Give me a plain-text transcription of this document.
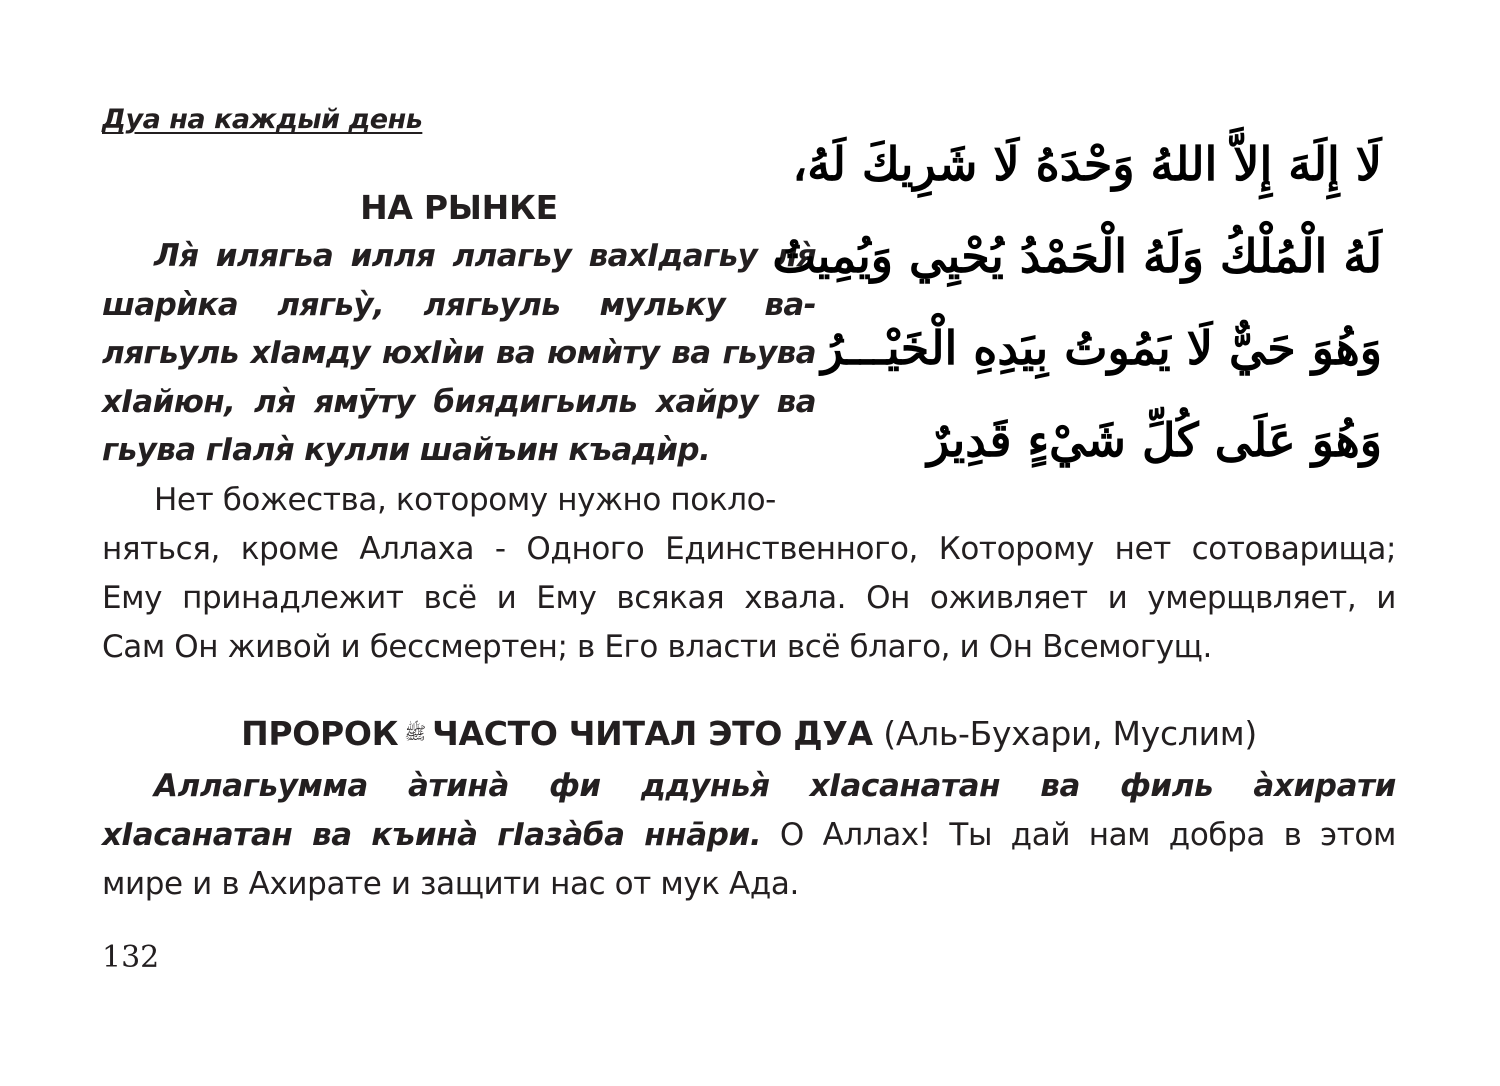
Дуа на каждый день
НА РЫНКЕ
Ля̀ илягьа илля ллагьу вахIдагьу ля̀ шарѝка лягьу̀, лягьуль мульку ва-лягьуль хIамду юхIѝи ва юмѝту ва гьува хIайюн, ля̀ ямӯту биядигьиль хайру ва гьува гIаля̀ кулли шайъин къадѝр.
لَا إِلَهَ إِلاَّ اللهُ وَحْدَهُ لَا شَرِيكَ لَهُ،
لَهُ الْمُلْكُ وَلَهُ الْحَمْدُ يُحْيِي وَيُمِيتُ
وَهُوَ حَيٌّ لَا يَمُوتُ بِيَدِهِ الْخَيْـــرُ
وَهُوَ عَلَى كُلِّ شَيْءٍ قَدِيرٌ
Нет божества, которому нужно покло-
няться, кроме Аллаха - Одного Единственного, Которому нет сотоварища;
Ему принадлежит всё и Ему всякая хвала. Он оживляет и умерщвляет, и
Сам Он живой и бессмертен; в Его власти всё благо, и Он Всемогущ.
ПРОРОК ﷺ ЧАСТО ЧИТАЛ ЭТО ДУА (Аль-Бухари, Муслим)
Аллагьумма а̀тина̀ фи ддунья̀ хIасанатан ва филь а̀хирати
хIасанатан ва къина̀ гIаза̀ба ннāри. О Аллах! Ты дай нам добра в этом
мире и в Ахирате и защити нас от мук Ада.
132
